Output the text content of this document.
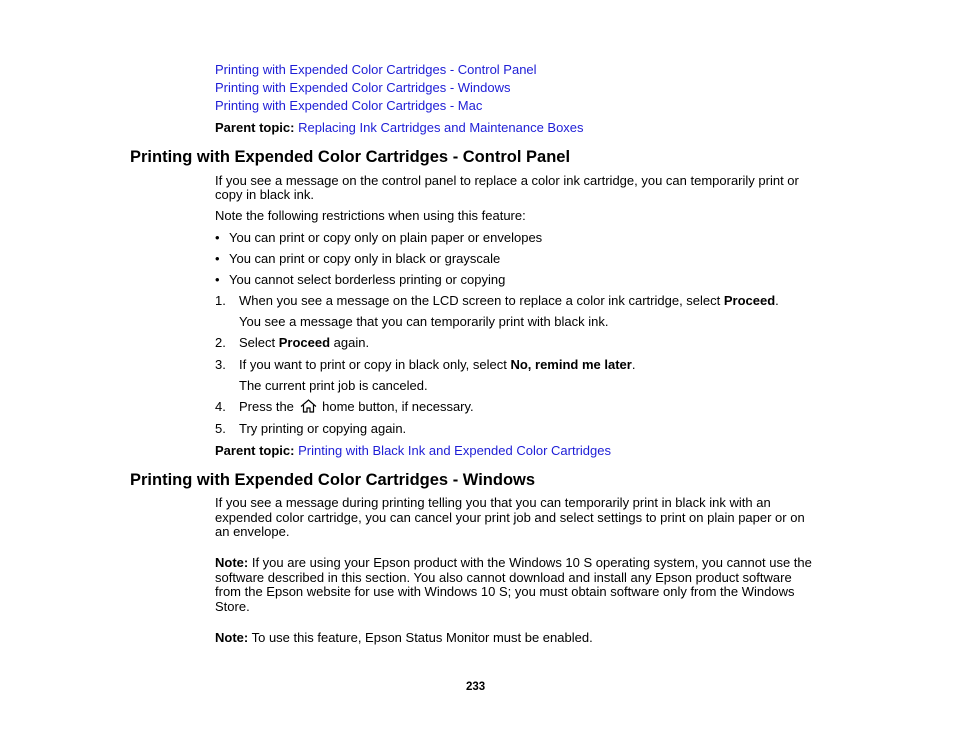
Printing with Expended Color Cartridges - Control Panel
Printing with Expended Color Cartridges - Windows
Printing with Expended Color Cartridges - Mac
Parent topic: Replacing Ink Cartridges and Maintenance Boxes
Printing with Expended Color Cartridges - Control Panel
If you see a message on the control panel to replace a color ink cartridge, you can temporarily print or
copy in black ink.
Note the following restrictions when using this feature:
• You can print or copy only on plain paper or envelopes
• You can print or copy only in black or grayscale
• You cannot select borderless printing or copying
1. When you see a message on the LCD screen to replace a color ink cartridge, select Proceed.
You see a message that you can temporarily print with black ink.
2. Select Proceed again.
3. If you want to print or copy in black only, select No, remind me later.
The current print job is canceled.
4. Press the  home button, if necessary.
5. Try printing or copying again.
Parent topic: Printing with Black Ink and Expended Color Cartridges
Printing with Expended Color Cartridges - Windows
If you see a message during printing telling you that you can temporarily print in black ink with an
expended color cartridge, you can cancel your print job and select settings to print on plain paper or on
an envelope.
Note: If you are using your Epson product with the Windows 10 S operating system, you cannot use the
software described in this section. You also cannot download and install any Epson product software
from the Epson website for use with Windows 10 S; you must obtain software only from the Windows
Store.
Note: To use this feature, Epson Status Monitor must be enabled.
233
